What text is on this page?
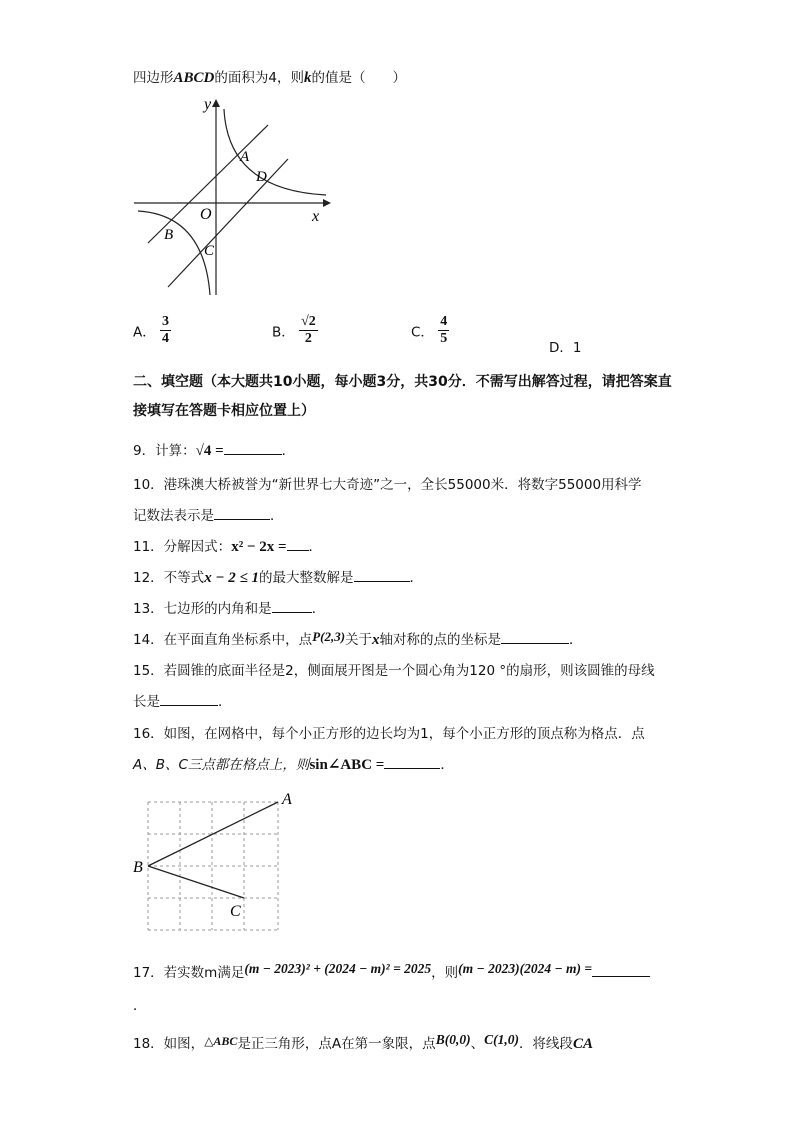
四边形ABCD的面积为4，则k的值是（　　）
y
x
O
A
D
B
C
A． $\frac{3}{4}$	B． $\frac{√2}{2}$	C． $\frac{4}{5}$
D．1
二、填空题（本大题共10小题，每小题3分，共30分．不需写出解答过程，请把答案直
接填写在答题卡相应位置上）
9．计算：√4 =	．
10．港珠澳大桥被誉为“新世界七大奇迹”之一，全长55000米．将数字55000用科学
记数法表示是	．
11．分解因式：x² − 2x = ．
12．不等式x − 2 ≤ 1的最大整数解是	．
13．七边形的内角和是	．
14．在平面直角坐标系中，点P(2,3)关于x轴对称的点的坐标是	．
15．若圆锥的底面半径是2，侧面展开图是一个圆心角为120 °的扇形，则该圆锥的母线
长是	．
16．如图，在网格中，每个小正方形的边长均为1，每个小正方形的顶点称为格点．点
A、B、C三点都在格点上，则sin∠ABC =	．
A
B
C
17．若实数m满足(m − 2023)² + (2024 − m)² = 2025，则(m − 2023)(2024 − m) =
．
18．如图，△ABC是正三角形，点A在第一象限，点B(0,0)、C(1,0)．将线段CA
